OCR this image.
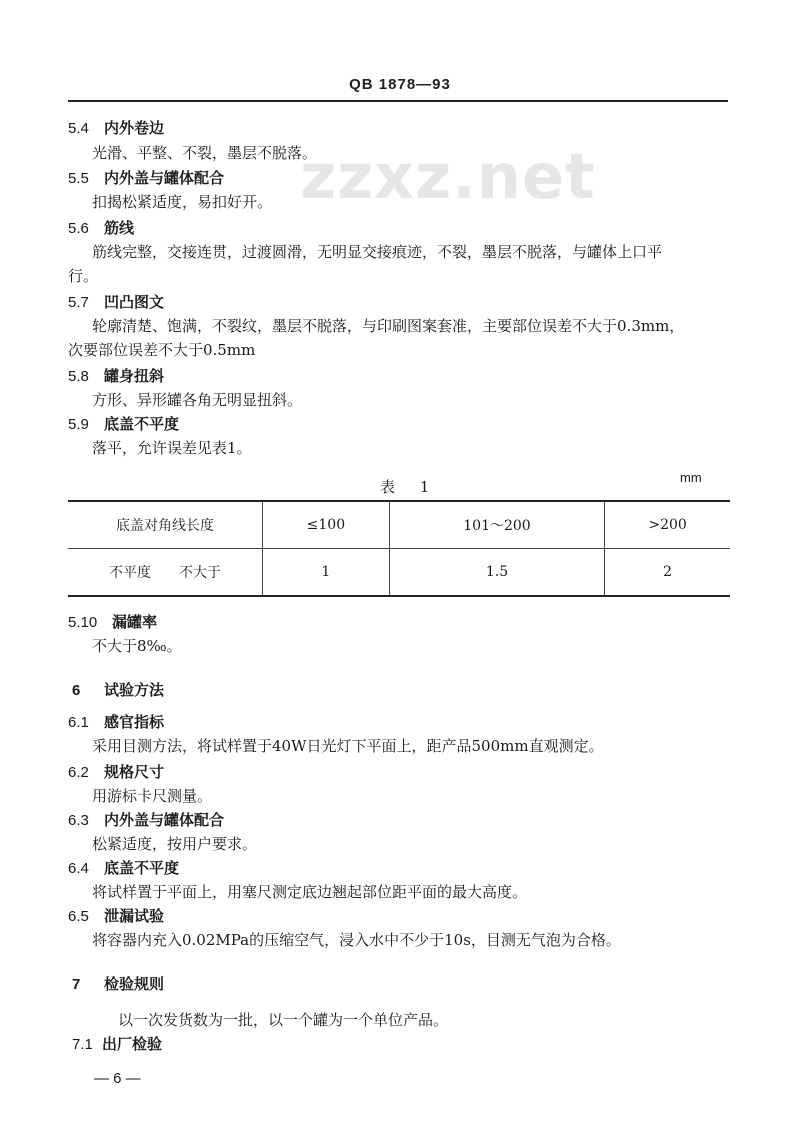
QB 1878—93
zzxz.net
5.4 内外卷边
光滑、平整、不裂，墨层不脱落。
5.5 内外盖与罐体配合
扣揭松紧适度，易扣好开。
5.6 筋线
筋线完整，交接连贯，过渡圆滑，无明显交接痕迹，不裂，墨层不脱落，与罐体上口平
行。
5.7 凹凸图文
轮廓清楚、饱满，不裂纹，墨层不脱落，与印刷图案套准，主要部位误差不大于0.3mm，
次要部位误差不大于0.5mm
5.8 罐身扭斜
方形、异形罐各角无明显扭斜。
5.9 底盖不平度
落平，允许误差见表1。
表 1
mm
底盖对角线长度	≤100	101～200	>200
不平度　　不大于	1	1.5	2
5.10 漏罐率
不大于8‰。
6 试验方法
6.1 感官指标
采用目测方法，将试样置于40W日光灯下平面上，距产品500mm直观测定。
6.2 规格尺寸
用游标卡尺测量。
6.3 内外盖与罐体配合
松紧适度，按用户要求。
6.4 底盖不平度
将试样置于平面上，用塞尺测定底边翘起部位距平面的最大高度。
6.5 泄漏试验
将容器内充入0.02MPa的压缩空气，浸入水中不少于10s，目测无气泡为合格。
7 检验规则
以一次发货数为一批，以一个罐为一个单位产品。
7.1 出厂检验
— 6 —
